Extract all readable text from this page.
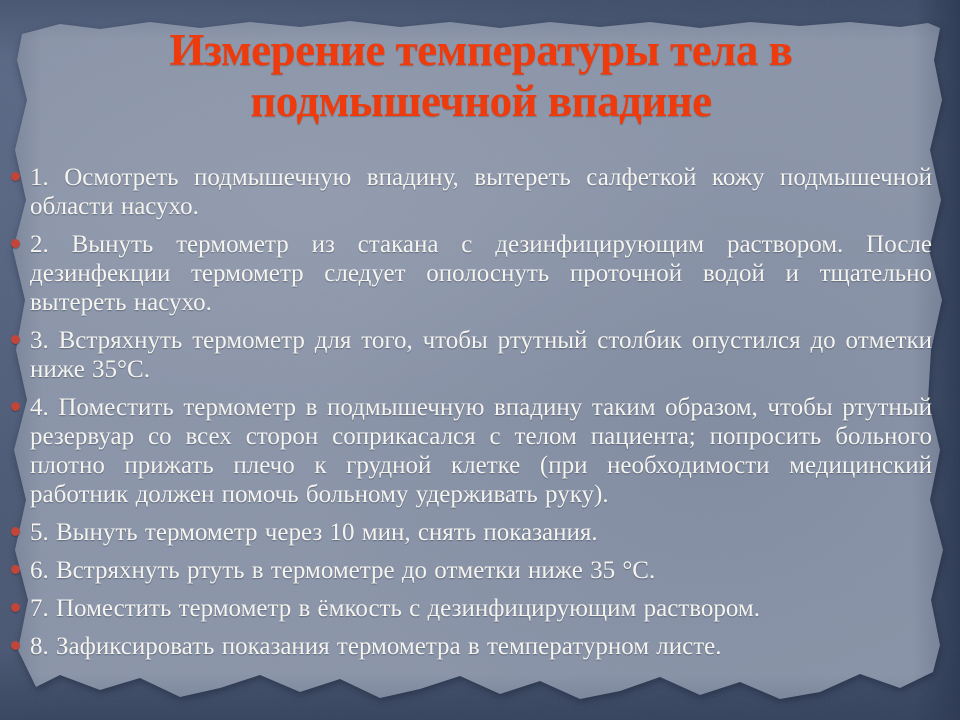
Измерение температуры тела в
подмышечной впадине
1. Осмотреть подмышечную впадину, вытереть салфеткой кожу подмышечной области насухо.
2. Вынуть термометр из стакана с дезинфицирующим раствором. После дезинфекции термометр следует ополоснуть проточной водой и тщательно вытереть насухо.
3. Встряхнуть термометр для того, чтобы ртутный столбик опустился до отметки ниже 35°С.
4. Поместить термометр в подмышечную впадину таким образом, чтобы ртутный резервуар со всех сторон соприкасался с телом пациента; попросить больного плотно прижать плечо к грудной клетке (при необходимости медицинский работник должен помочь больному удерживать руку).
5. Вынуть термометр через 10 мин, снять показания.
6. Встряхнуть ртуть в термометре до отметки ниже 35 °С.
7. Поместить термометр в ёмкость с дезинфицирующим раствором.
8. Зафиксировать показания термометра в температурном листе.
